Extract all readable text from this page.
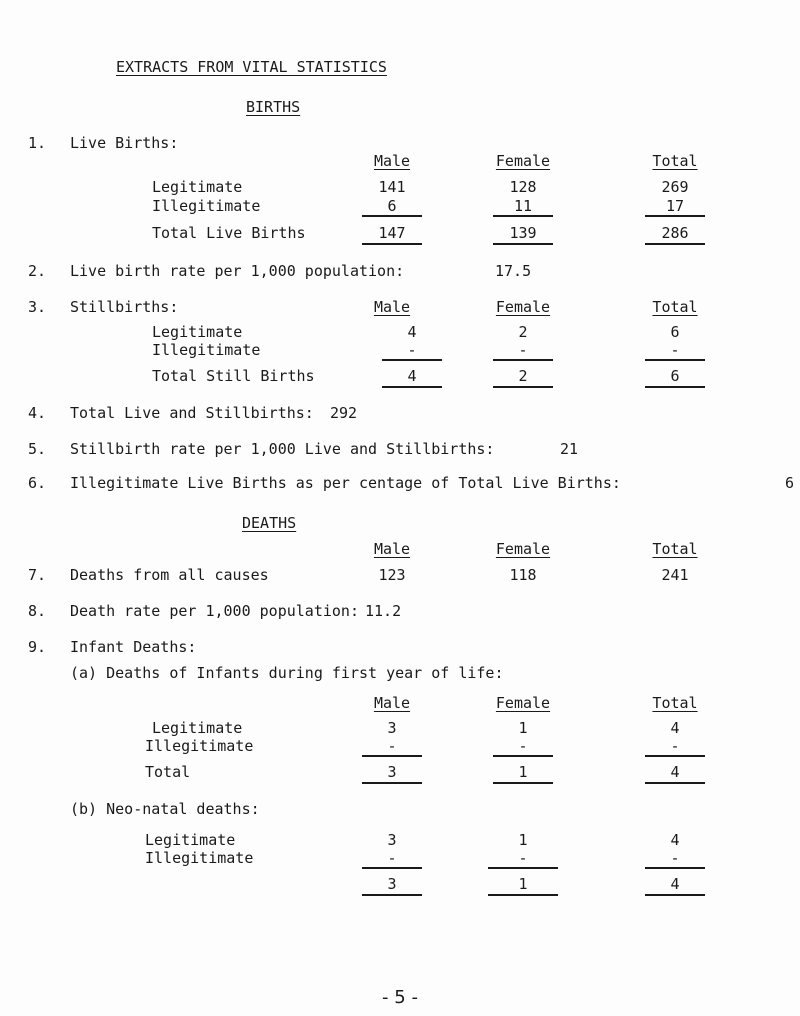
EXTRACTS FROM VITAL STATISTICS
BIRTHS
1. Live Births:
Male	Female	Total
Legitimate	141	128	269
Illegitimate	6	11	17
Total Live Births	147	139	286
2. Live birth rate per 1,000 population:	17.5
3. Stillbirths:	Male	Female	Total
Legitimate	4	2	6
Illegitimate	-	-	-
Total Still Births	4	2	6
4. Total Live and Stillbirths: 292
5. Stillbirth rate per 1,000 Live and Stillbirths:	21
6. Illegitimate Live Births as per centage of Total Live Births:	6
DEATHS
Male	Female	Total
7. Deaths from all causes	123	118	241
8. Death rate per 1,000 population: 11.2
9. Infant Deaths:
(a) Deaths of Infants during first year of life:
Male	Female	Total
Legitimate	3	1	4
Illegitimate	-	-	-
Total	3	1	4
(b) Neo-natal deaths:
Legitimate	3	1	4
Illegitimate	-	-	-
3	1	4
- 5 -
